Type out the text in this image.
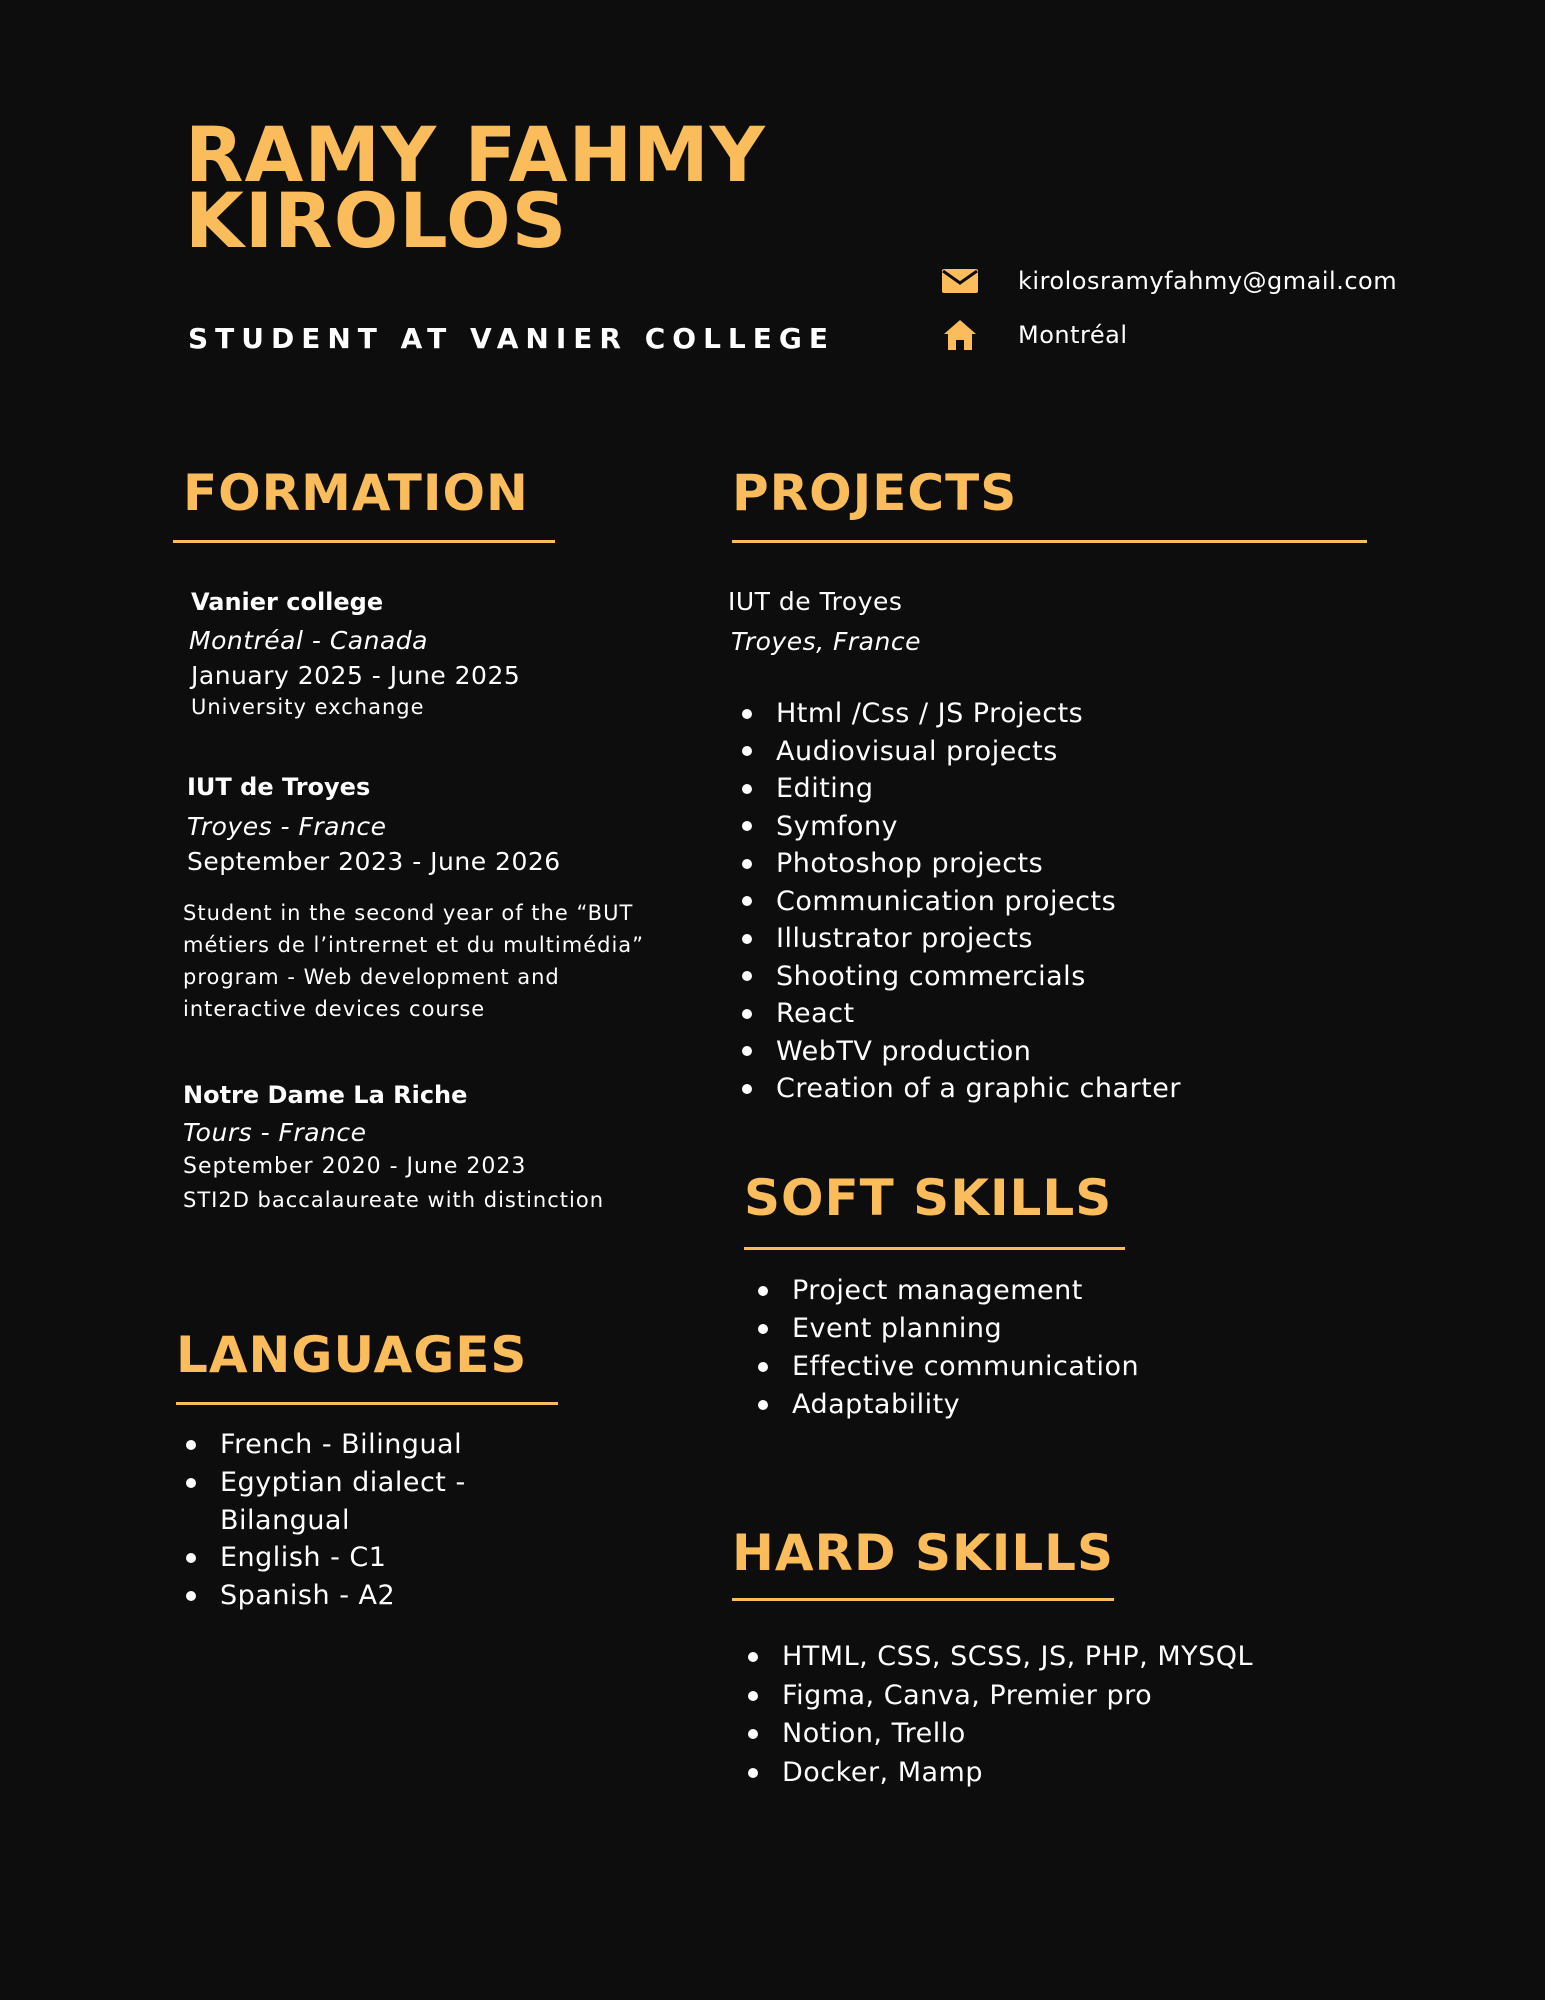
RAMY FAHMY
KIROLOS
STUDENT AT VANIER COLLEGE
kirolosramyfahmy@gmail.com
Montréal
FORMATION
Vanier college
Montréal - Canada
January 2025 - June 2025
University exchange
IUT de Troyes
Troyes - France
September 2023 - June 2026
Student in the second year of the “BUT
métiers de l’intrernet et du multimédia”
program - Web development and
interactive devices course
Notre Dame La Riche
Tours - France
September 2020 - June 2023
STI2D baccalaureate with distinction
LANGUAGES
French - Bilingual
Egyptian dialect -
Bilangual
English - C1
Spanish - A2
PROJECTS
IUT de Troyes
Troyes, France
Html /Css / JS Projects
Audiovisual projects
Editing
Symfony
Photoshop projects
Communication projects
Illustrator projects
Shooting commercials
React
WebTV production
Creation of a graphic charter
SOFT SKILLS
Project management
Event planning
Effective communication
Adaptability
HARD SKILLS
HTML, CSS, SCSS, JS, PHP, MYSQL
Figma, Canva, Premier pro
Notion, Trello
Docker, Mamp
